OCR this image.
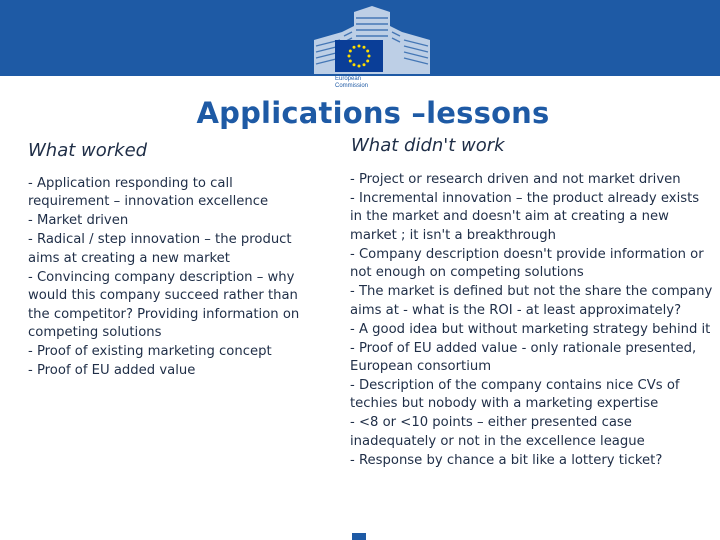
European
Commission
Applications –lessons
What worked	What didn't work
- Application responding to call requirement – innovation excellence
- Market driven
- Radical / step innovation – the product aims at creating a new market
- Convincing company description – why would this company succeed rather than the competitor? Providing information on competing solutions
- Proof of existing marketing concept
- Proof of EU added value
- Project or research driven and not market driven
- Incremental innovation – the product already exists in the market and doesn't aim at creating a new market ; it isn't a breakthrough
- Company description doesn't provide information or not enough on competing solutions
- The market is defined but not the share the company aims at - what is the ROI - at least approximately?
- A good idea but without marketing strategy behind it
- Proof of EU added value - only rationale presented, European consortium
- Description of the company contains nice CVs of techies but nobody with a marketing expertise
- <8 or <10 points – either presented case inadequately or not in the excellence league
- Response by chance a bit like a lottery ticket?
